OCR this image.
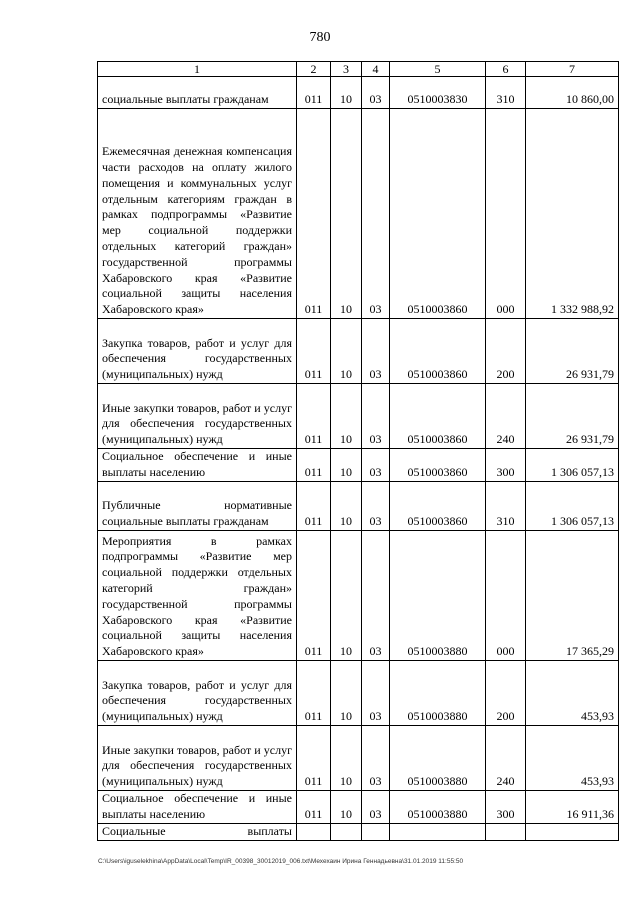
780
1	2	3	4	5	6	7
социальные выплаты гражданам	011	10	03	0510003830	310	10 860,00
Ежемесячная денежная компенсация части расходов на оплату жилого помещения и коммунальных услуг отдельным категориям граждан в рамках подпрограммы «Развитие мер социальной поддержки отдельных категорий граждан» государственной программы Хабаровского края «Развитие социальной защиты населения Хабаровского края»	011	10	03	0510003860	000	1 332 988,92
Закупка товаров, работ и услуг для обеспечения государственных (муниципальных) нужд	011	10	03	0510003860	200	26 931,79
Иные закупки товаров, работ и услуг для обеспечения государственных (муниципальных) нужд	011	10	03	0510003860	240	26 931,79
Социальное обеспечение и иные выплаты населению	011	10	03	0510003860	300	1 306 057,13
Публичные нормативные социальные выплаты гражданам	011	10	03	0510003860	310	1 306 057,13
Мероприятия в рамках подпрограммы «Развитие мер социальной поддержки отдельных категорий граждан» государственной программы Хабаровского края «Развитие социальной защиты населения Хабаровского края»	011	10	03	0510003880	000	17 365,29
Закупка товаров, работ и услуг для обеспечения государственных (муниципальных) нужд	011	10	03	0510003880	200	453,93
Иные закупки товаров, работ и услуг для обеспечения государственных (муниципальных) нужд	011	10	03	0510003880	240	453,93
Социальное обеспечение и иные выплаты населению	011	10	03	0510003880	300	16 911,36
Социальные выплаты						
C:\Users\iguselekhina\AppData\Local\Temp\IR_00398_30012019_006.txt\Мехехаин Ирина Геннадьевна\31.01.2019 11:55:50
